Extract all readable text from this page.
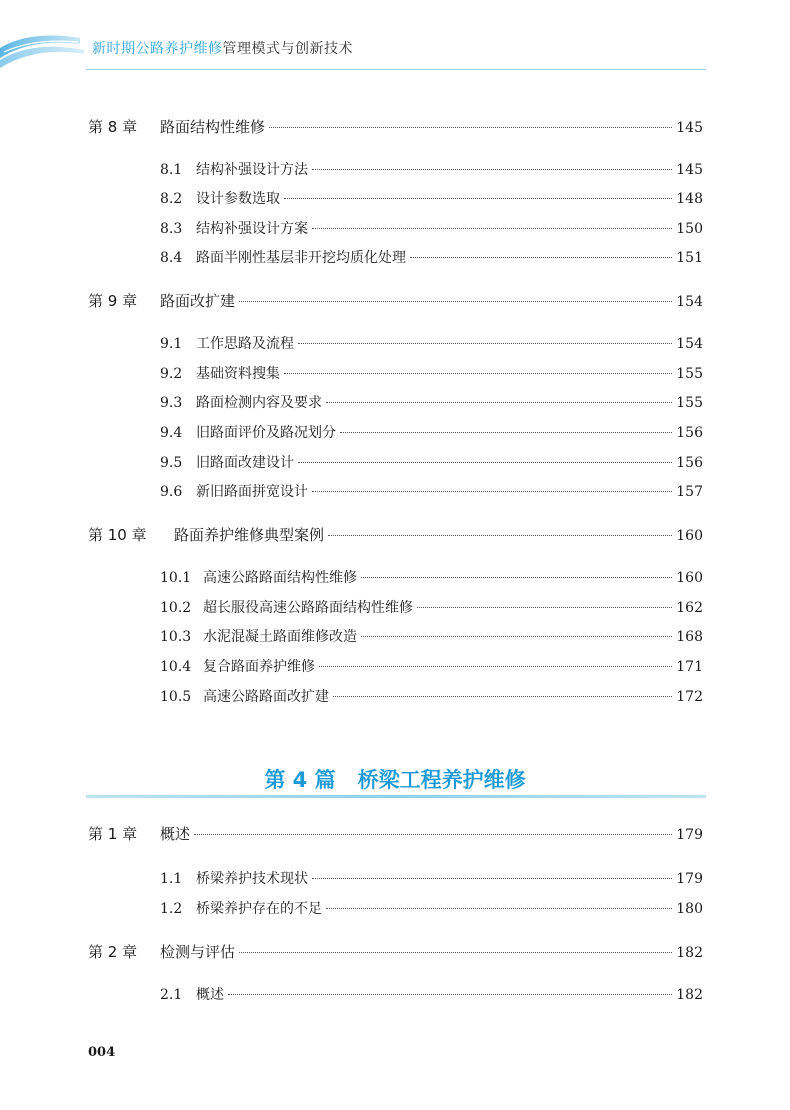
新时期公路养护维修管理模式与创新技术
第 8 章	路面结构性维修	145
8.1 结构补强设计方法	145
8.2 设计参数选取	148
8.3 结构补强设计方案	150
8.4 路面半刚性基层非开挖均质化处理	151
第 9 章	路面改扩建	154
9.1 工作思路及流程	154
9.2 基础资料搜集	155
9.3 路面检测内容及要求	155
9.4 旧路面评价及路况划分	156
9.5 旧路面改建设计	156
9.6 新旧路面拼宽设计	157
第 10 章	路面养护维修典型案例	160
10.1 高速公路路面结构性维修	160
10.2 超长服役高速公路路面结构性维修	162
10.3 水泥混凝土路面维修改造	168
10.4 复合路面养护维修	171
10.5 高速公路路面改扩建	172
第 4 篇 桥梁工程养护维修
第 1 章	概述	179
1.1 桥梁养护技术现状	179
1.2 桥梁养护存在的不足	180
第 2 章	检测与评估	182
2.1 概述	182
004
